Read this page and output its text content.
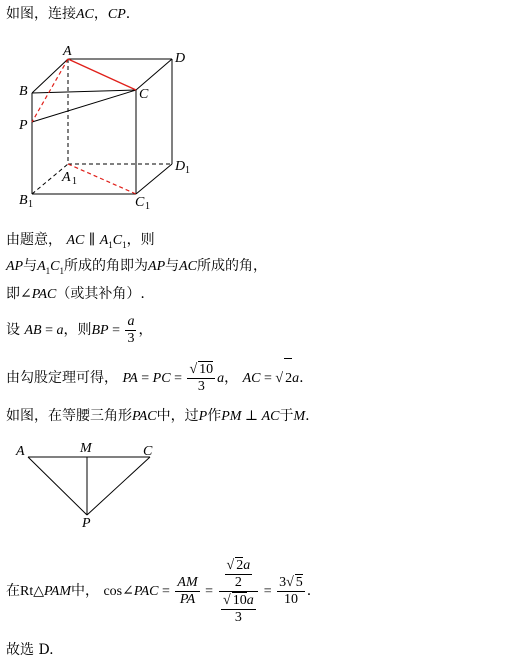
如图，连接AC，CP.
A	D
B	C
P
A 1
D 1
B 1	C 1
由题意， AC ∥ $A_1C_1$，则
AP与$A_1C_1$所成的角即为AP与AC所成的角，
即∠PAC（或其补角）.
设 AB = a，则BP = $\frac{a}{3}$ ，
由勾股定理可得， PA = PC = $\frac{√ 10}{3}$ a， AC = √ 2a.
如图，在等腰三角形PAC中，过P作PM ⊥ AC于M.
A	M	C
P
在Rt△PAM中， cos∠PAC = $\frac{AM}{PA} = \frac{\frac{√ 2a}{2}}{\frac{√ 10a}{3}} = \frac{3√ 5}{10}$ .
故选 D.
